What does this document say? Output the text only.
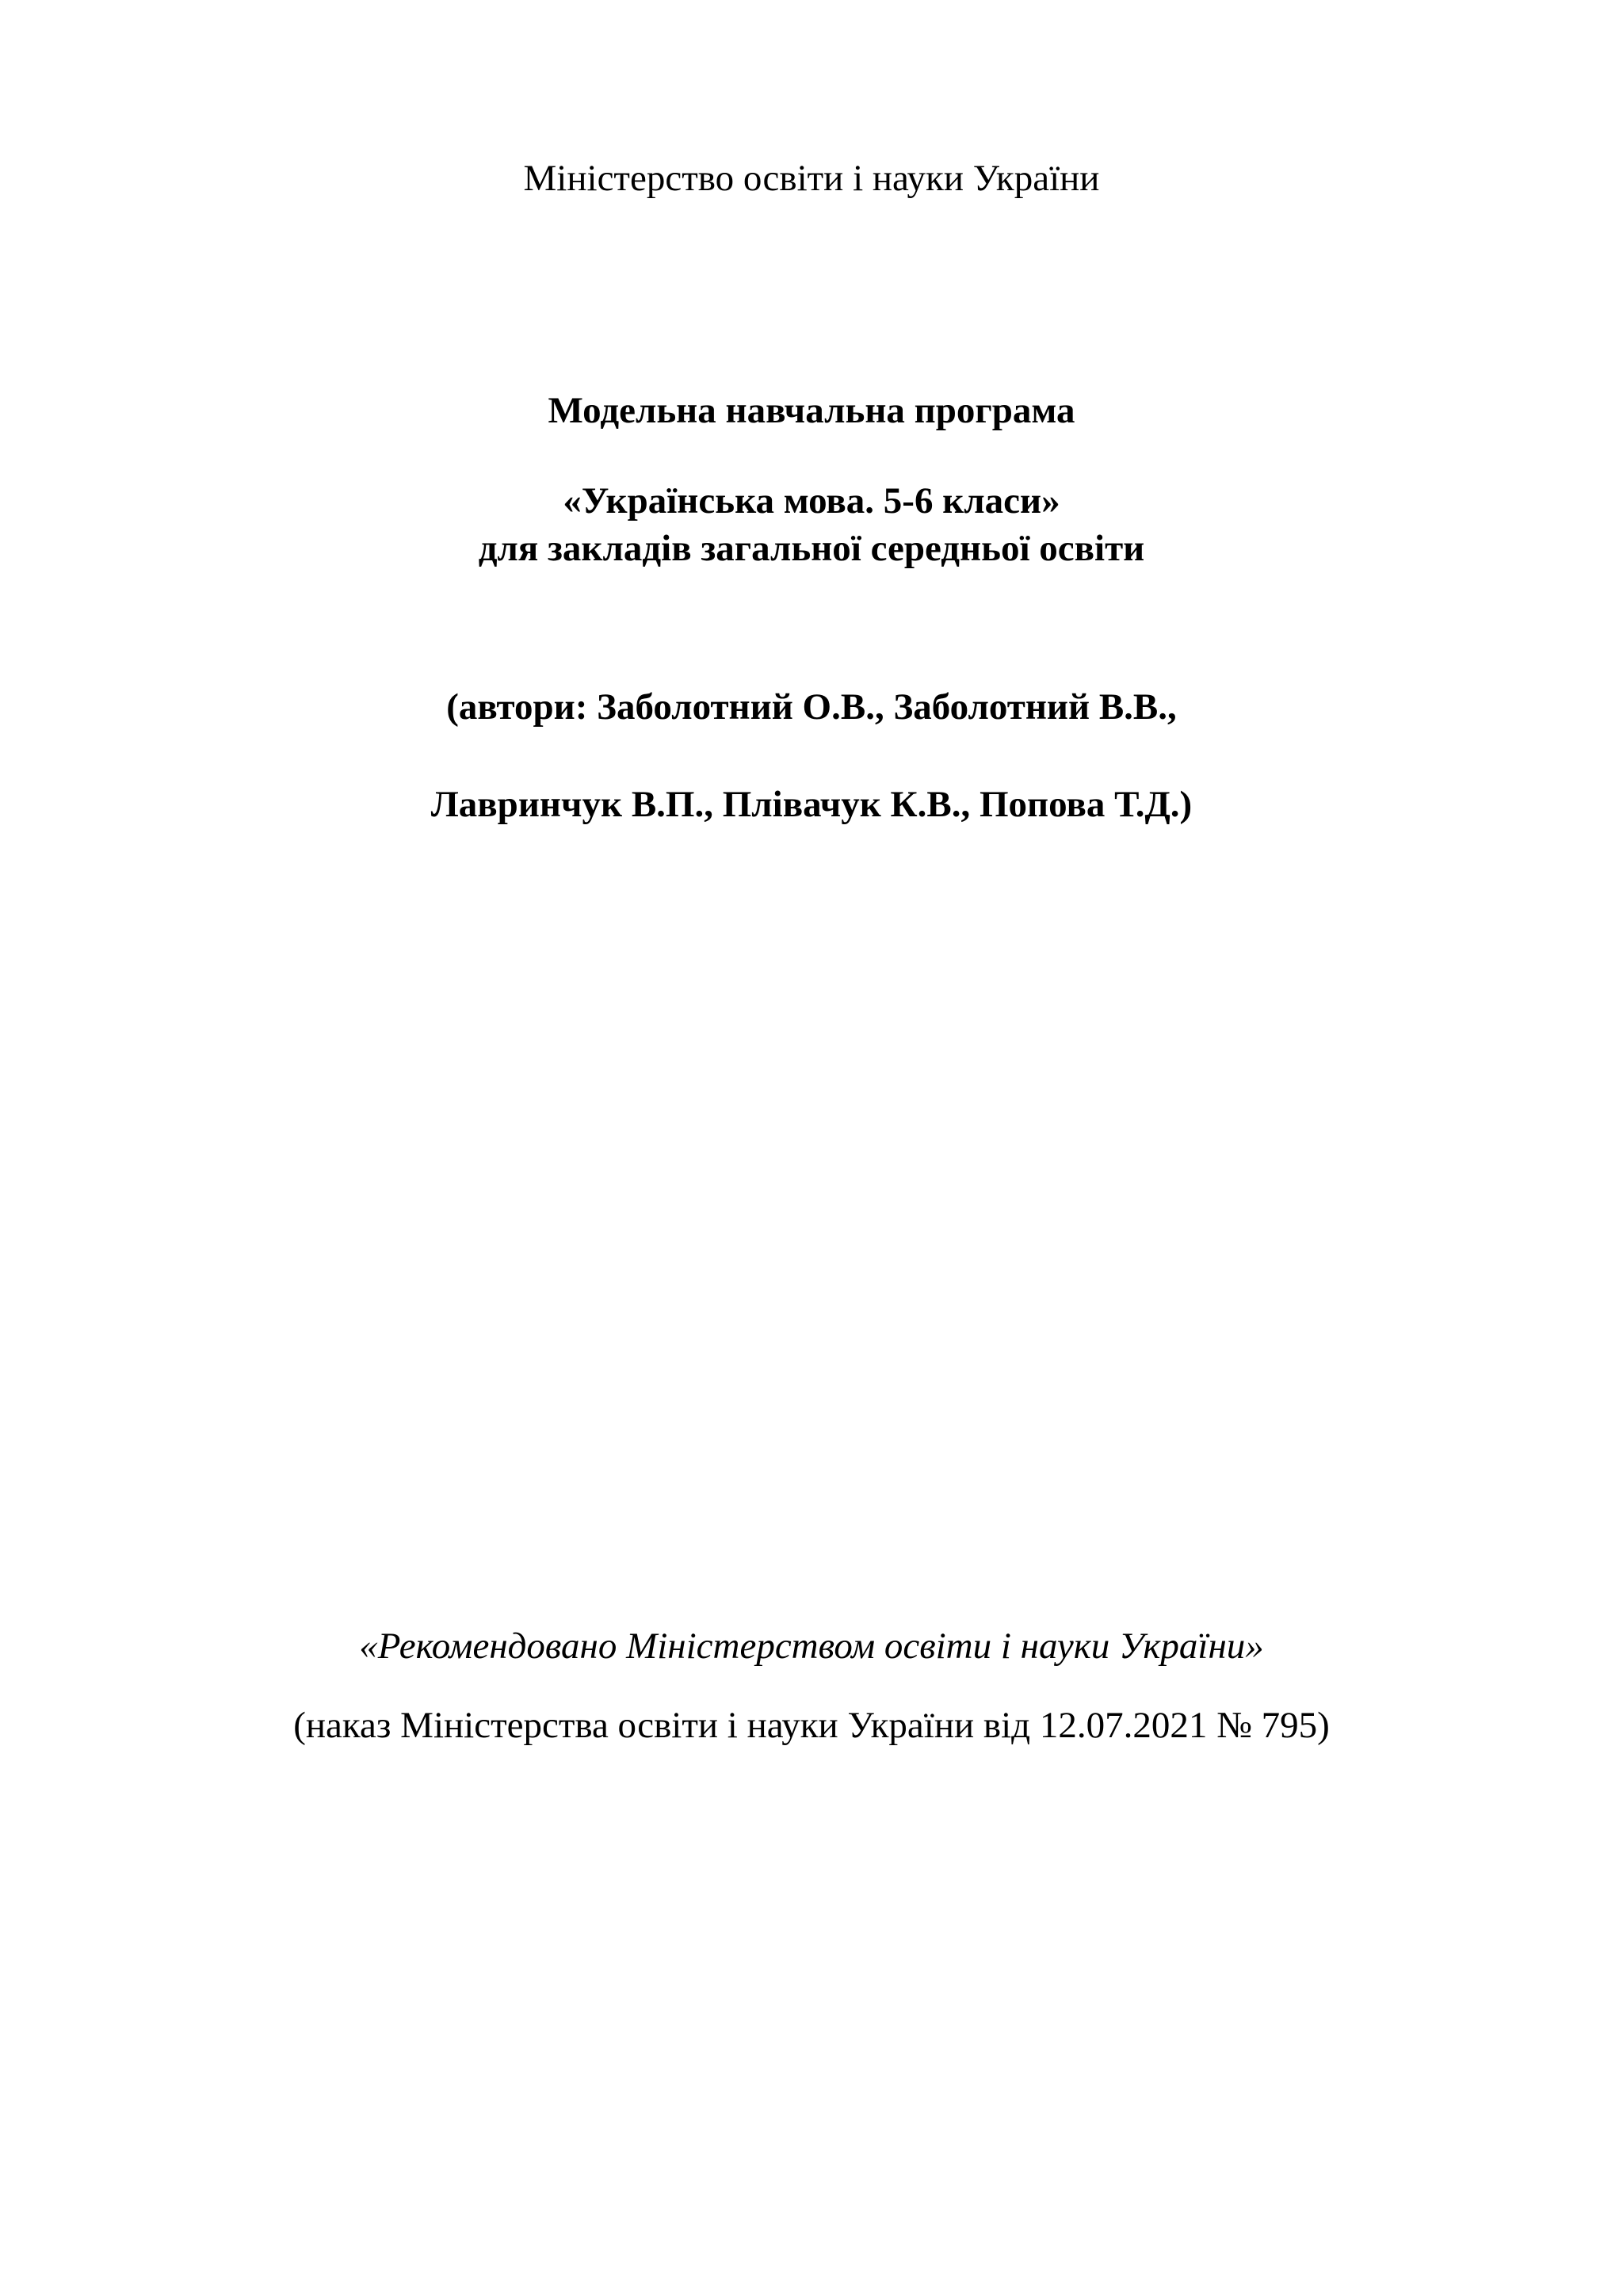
Міністерство освіти і науки України
Модельна навчальна програма
«Українська мова. 5-6 класи»
для закладів загальної середньої освіти
(автори: Заболотний О.В., Заболотний В.В.,
Лавринчук В.П., Плівачук К.В., Попова Т.Д.)
«Рекомендовано Міністерством освіти і науки України»
(наказ Міністерства освіти і науки України від 12.07.2021 № 795)
